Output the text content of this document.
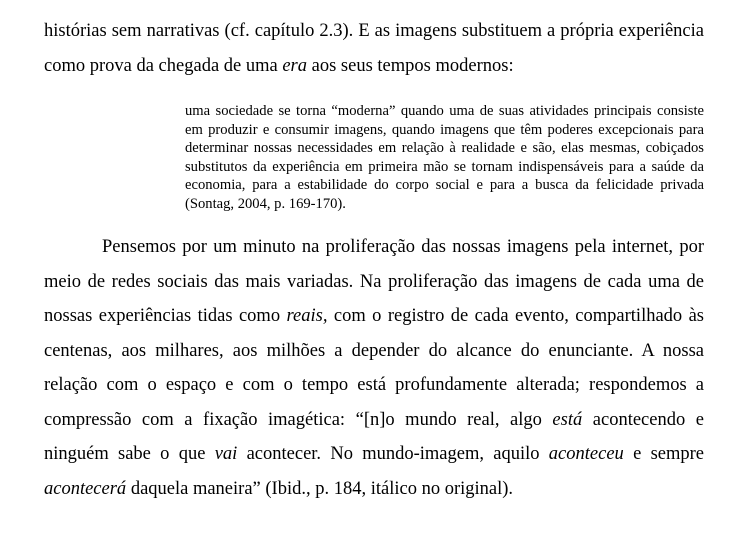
histórias sem narrativas (cf. capítulo 2.3). E as imagens substituem a própria experiência como prova da chegada de uma era aos seus tempos modernos:

uma sociedade se torna “moderna” quando uma de suas atividades principais consiste em produzir e consumir imagens, quando imagens que têm poderes excepcionais para determinar nossas necessidades em relação à realidade e são, elas mesmas, cobiçados substitutos da experiência em primeira mão se tornam indispensáveis para a saúde da economia, para a estabilidade do corpo social e para a busca da felicidade privada (Sontag, 2004, p. 169-170).

Pensemos por um minuto na proliferação das nossas imagens pela internet, por meio de redes sociais das mais variadas. Na proliferação das imagens de cada uma de nossas experiências tidas como reais, com o registro de cada evento, compartilhado às centenas, aos milhares, aos milhões a depender do alcance do enunciante. A nossa relação com o espaço e com o tempo está profundamente alterada; respondemos a compressão com a fixação imagética: “[n]o mundo real, algo está acontecendo e ninguém sabe o que vai acontecer. No mundo-imagem, aquilo aconteceu e sempre acontecerá daquela maneira” (Ibid., p. 184, itálico no original).
